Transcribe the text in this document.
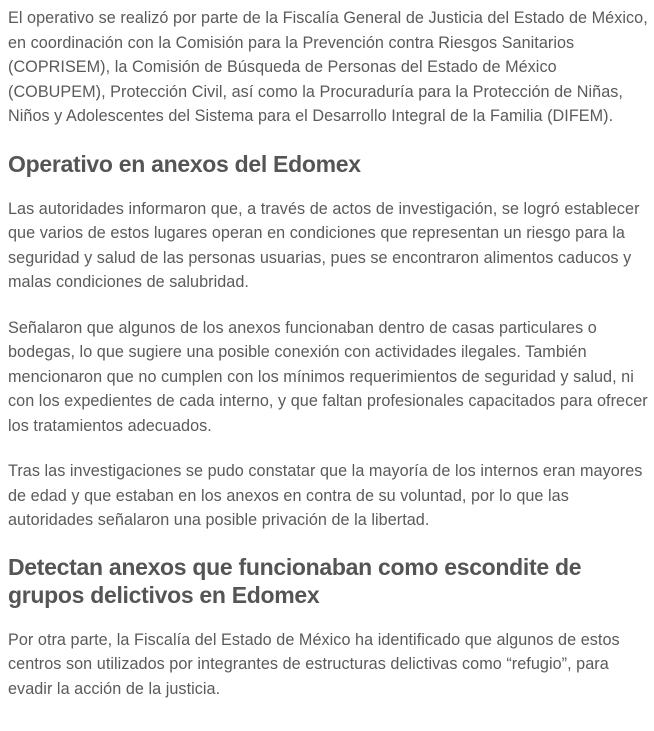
El operativo se realizó por parte de la Fiscalía General de Justicia del Estado de México, en coordinación con la Comisión para la Prevención contra Riesgos Sanitarios (COPRISEM), la Comisión de Búsqueda de Personas del Estado de México (COBUPEM), Protección Civil, así como la Procuraduría para la Protección de Niñas, Niños y Adolescentes del Sistema para el Desarrollo Integral de la Familia (DIFEM).

Operativo en anexos del Edomex

Las autoridades informaron que, a través de actos de investigación, se logró establecer que varios de estos lugares operan en condiciones que representan un riesgo para la seguridad y salud de las personas usuarias, pues se encontraron alimentos caducos y malas condiciones de salubridad.

Señalaron que algunos de los anexos funcionaban dentro de casas particulares o bodegas, lo que sugiere una posible conexión con actividades ilegales. También mencionaron que no cumplen con los mínimos requerimientos de seguridad y salud, ni con los expedientes de cada interno, y que faltan profesionales capacitados para ofrecer los tratamientos adecuados.

Tras las investigaciones se pudo constatar que la mayoría de los internos eran mayores de edad y que estaban en los anexos en contra de su voluntad, por lo que las autoridades señalaron una posible privación de la libertad.

Detectan anexos que funcionaban como escondite de grupos delictivos en Edomex

Por otra parte, la Fiscalía del Estado de México ha identificado que algunos de estos centros son utilizados por integrantes de estructuras delictivas como “refugio”, para evadir la acción de la justicia.
